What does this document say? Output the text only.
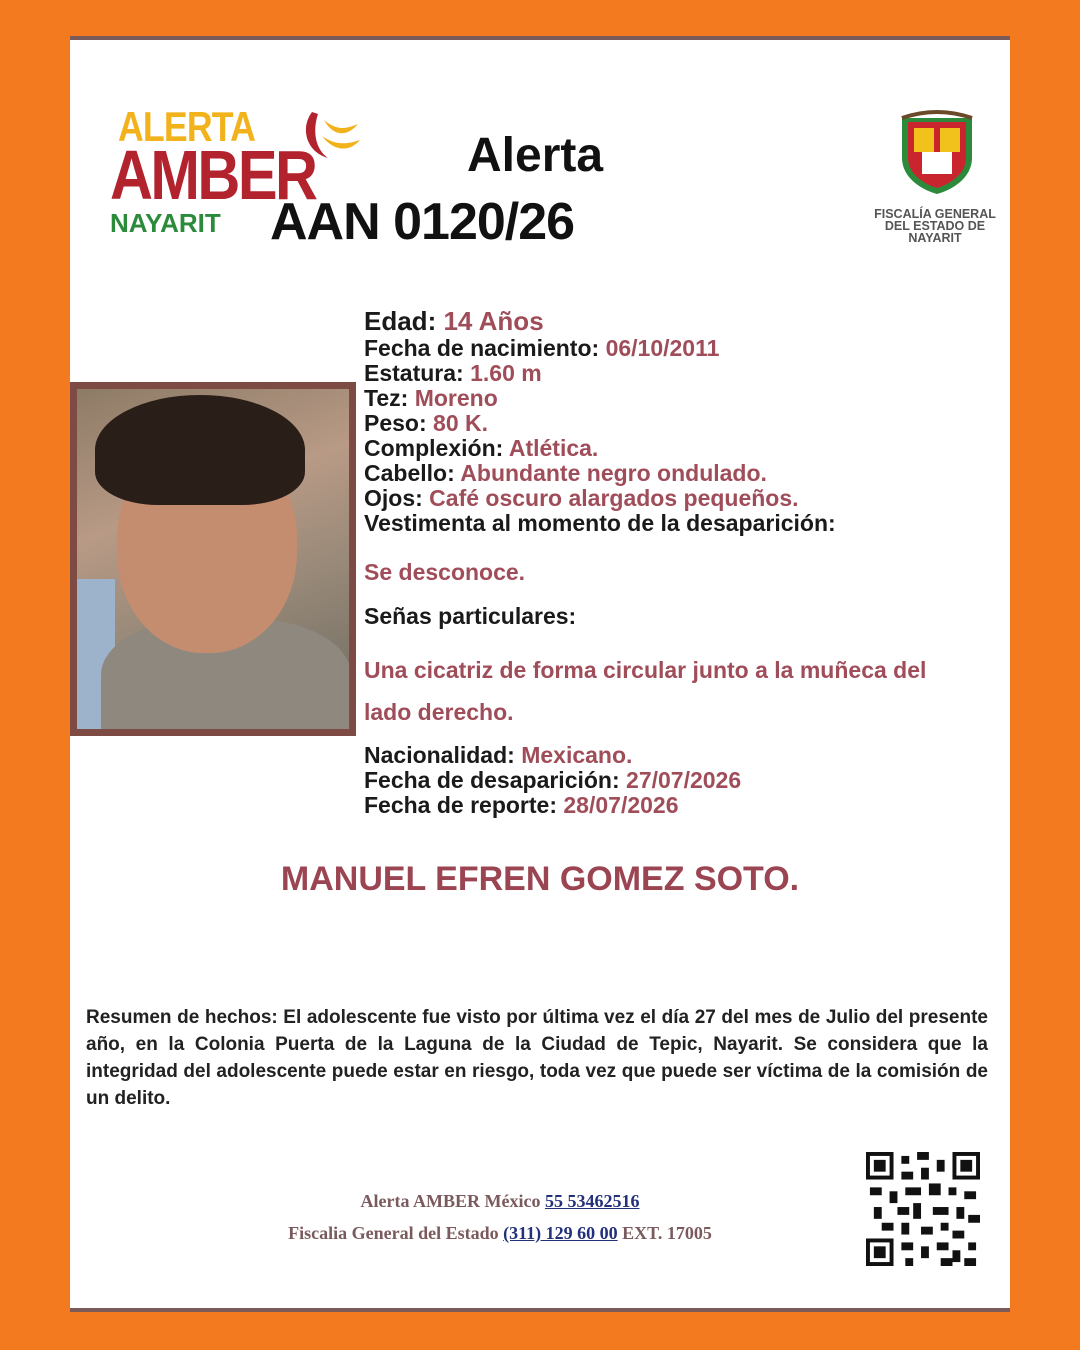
ALERTA
AMBER
NAYARIT
Alerta
AAN 0120/26	FISCALÍA GENERAL
DEL ESTADO DE
NAYARIT
Edad: 14 Años
Fecha de nacimiento: 06/10/2011
Estatura: 1.60 m
Tez: Moreno
Peso: 80 K.
Complexión: Atlética.
Cabello: Abundante negro ondulado.
Ojos: Café oscuro alargados pequeños.
Vestimenta al momento de la desaparición:
Se desconoce.
Señas particulares:
Una cicatriz de forma circular junto a la muñeca del
lado derecho.
Nacionalidad: Mexicano.
Fecha de desaparición: 27/07/2026
Fecha de reporte: 28/07/2026
MANUEL EFREN GOMEZ SOTO.
Resumen de hechos: El adolescente fue visto por última vez el día 27 del mes de Julio del presente año, en la Colonia Puerta de la Laguna de la Ciudad de Tepic, Nayarit. Se considera que la integridad del adolescente puede estar en riesgo, toda vez que puede ser víctima de la comisión de un delito.
Alerta AMBER México 55 53462516
Fiscalia General del Estado (311) 129 60 00 EXT. 17005
